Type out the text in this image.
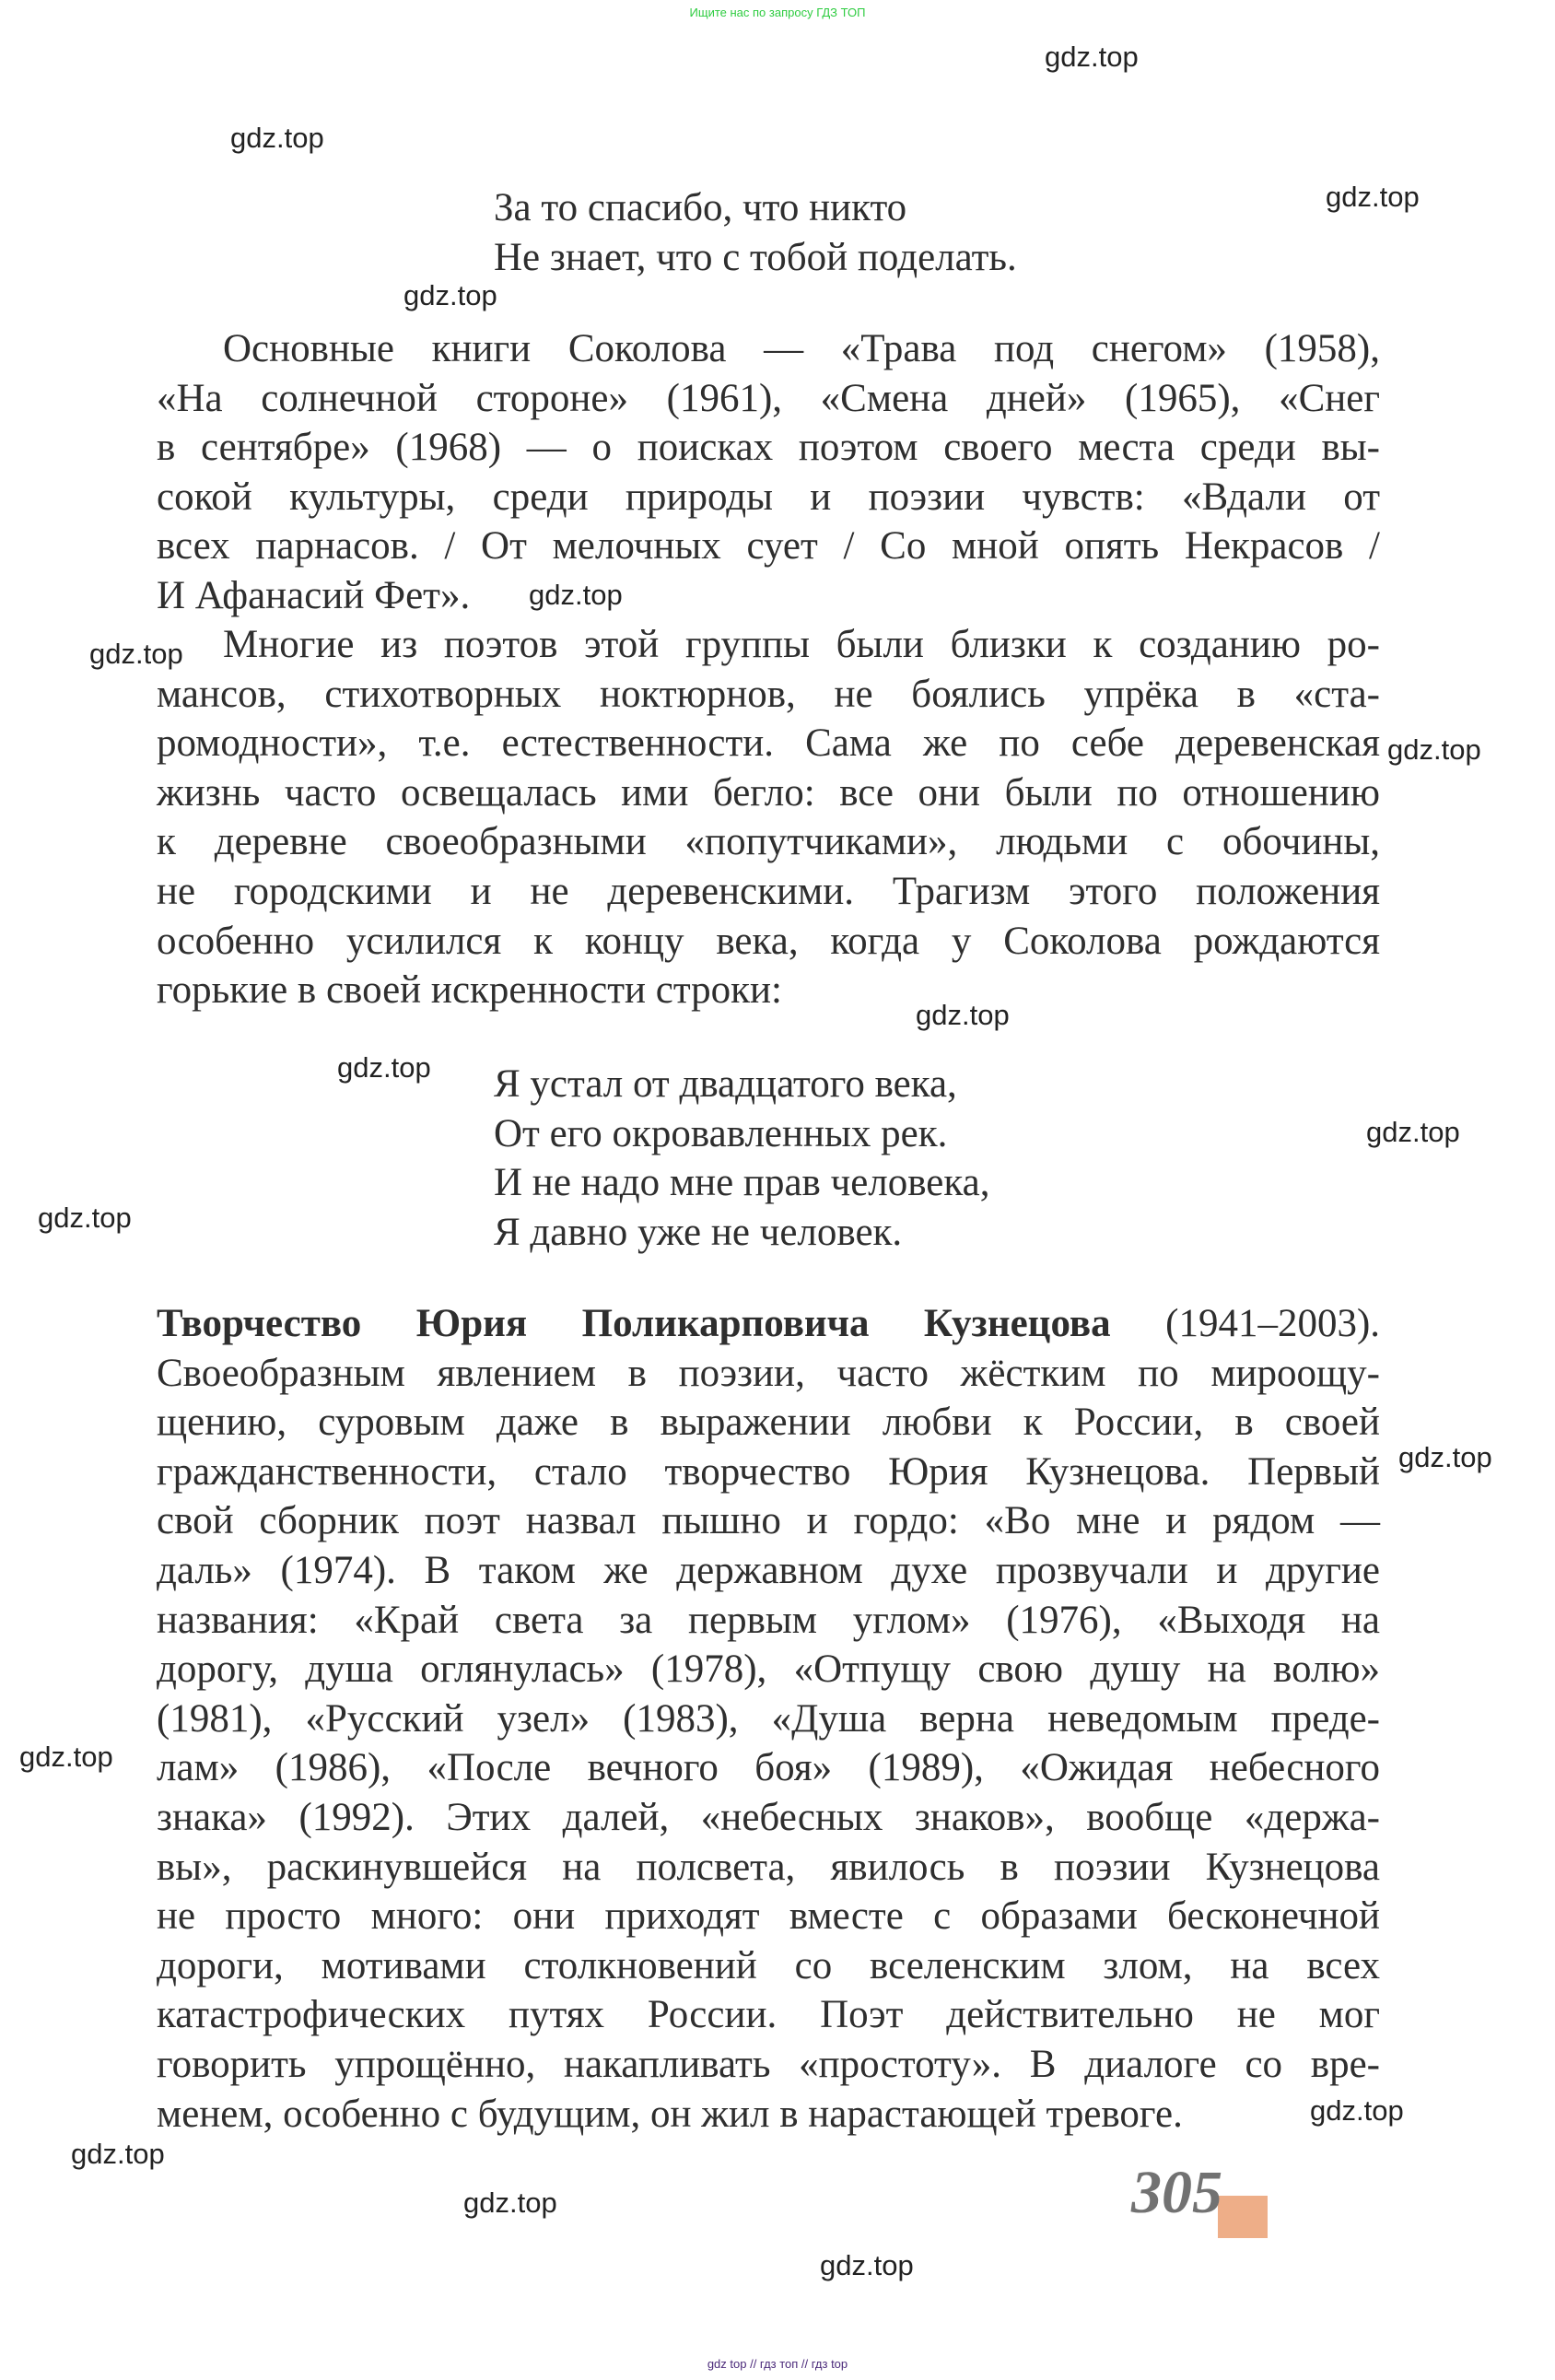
Ищите нас по запросу ГДЗ ТОП
За то спасибо, что никто
Не знает, что с тобой поделать.
Основные книги Соколова — «Трава под снегом» (1958),
«На солнечной стороне» (1961), «Смена дней» (1965), «Снег
в сентябре» (1968) — о поисках поэтом своего места среди вы-
сокой культуры, среди природы и поэзии чувств: «Вдали от
всех парнасов. / От мелочных сует / Со мной опять Некрасов /
И Афанасий Фет».
Многие из поэтов этой группы были близки к созданию ро-
мансов, стихотворных ноктюрнов, не боялись упрёка в «ста-
ромодности», т.е. естественности. Сама же по себе деревенская
жизнь часто освещалась ими бегло: все они были по отношению
к деревне своеобразными «попутчиками», людьми с обочины,
не городскими и не деревенскими. Трагизм этого положения
особенно усилился к концу века, когда у Соколова рождаются
горькие в своей искренности строки:
Я устал от двадцатого века,
От его окровавленных рек.
И не надо мне прав человека,
Я давно уже не человек.
Своеобразным явлением в поэзии, часто жёстким по мироощу-
щению, суровым даже в выражении любви к России, в своей
гражданственности, стало творчество Юрия Кузнецова. Первый
свой сборник поэт назвал пышно и гордо: «Во мне и рядом —
даль» (1974). В таком же державном духе прозвучали и другие
названия: «Край света за первым углом» (1976), «Выходя на
дорогу, душа оглянулась» (1978), «Отпущу свою душу на волю»
(1981), «Русский узел» (1983), «Душа верна неведомым преде-
лам» (1986), «После вечного боя» (1989), «Ожидая небесного
знака» (1992). Этих далей, «небесных знаков», вообще «держа-
вы», раскинувшейся на полсвета, явилось в поэзии Кузнецова
не просто много: они приходят вместе с образами бесконечной
дороги, мотивами столкновений со вселенским злом, на всех
катастрофических путях России. Поэт действительно не мог
говорить упрощённо, накапливать «простоту». В диалоге со вре-
менем, особенно с будущим, он жил в нарастающей тревоге.
gdz.top
gdz.top
gdz.top
gdz.top
gdz.top
gdz.top
gdz.top
gdz.top
gdz.top
gdz.top
gdz.top
gdz.top
gdz.top
gdz.top
gdz.top
gdz.top
gdz.top
Творчество Юрия Поликарповича Кузнецова (1941–2003).
305
gdz top // гдз топ // гдз top
